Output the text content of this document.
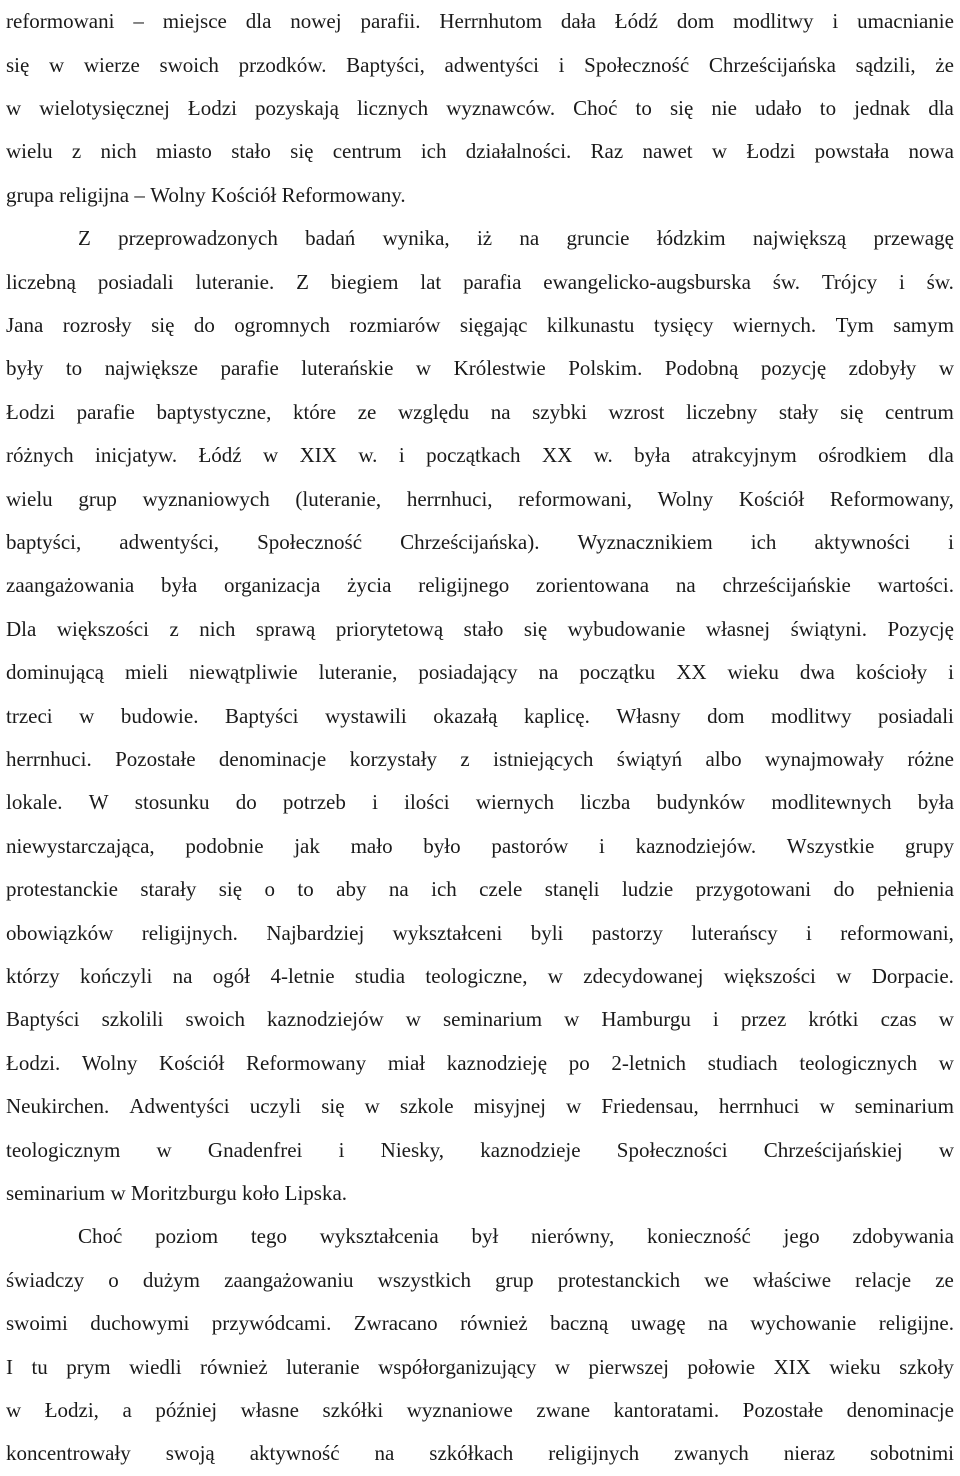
reformowani – miejsce dla nowej parafii. Herrnhutom dała Łódź dom modlitwy i umacnianie
się w wierze swoich przodków. Baptyści, adwentyści i Społeczność Chrześcijańska sądzili, że
w wielotysięcznej Łodzi pozyskają licznych wyznawców. Choć to się nie udało to jednak dla
wielu z nich miasto stało się centrum ich działalności. Raz nawet w Łodzi powstała nowa
grupa religijna – Wolny Kościół Reformowany.
Z przeprowadzonych badań wynika, iż na gruncie łódzkim największą przewagę
liczebną posiadali luteranie. Z biegiem lat parafia ewangelicko-augsburska św. Trójcy i św.
Jana rozrosły się do ogromnych rozmiarów sięgając kilkunastu tysięcy wiernych. Tym samym
były to największe parafie luterańskie w Królestwie Polskim. Podobną pozycję zdobyły w
Łodzi parafie baptystyczne, które ze względu na szybki wzrost liczebny stały się centrum
różnych inicjatyw. Łódź w XIX w. i początkach XX w. była atrakcyjnym ośrodkiem dla
wielu grup wyznaniowych (luteranie, herrnhuci, reformowani, Wolny Kościół Reformowany,
baptyści, adwentyści, Społeczność Chrześcijańska). Wyznacznikiem ich aktywności i
zaangażowania była organizacja życia religijnego zorientowana na chrześcijańskie wartości.
Dla większości z nich sprawą priorytetową stało się wybudowanie własnej świątyni. Pozycję
dominującą mieli niewątpliwie luteranie, posiadający na początku XX wieku dwa kościoły i
trzeci w budowie. Baptyści wystawili okazałą kaplicę. Własny dom modlitwy posiadali
herrnhuci. Pozostałe denominacje korzystały z istniejących świątyń albo wynajmowały różne
lokale. W stosunku do potrzeb i ilości wiernych liczba budynków modlitewnych była
niewystarczająca, podobnie jak mało było pastorów i kaznodziejów. Wszystkie grupy
protestanckie starały się o to aby na ich czele stanęli ludzie przygotowani do pełnienia
obowiązków religijnych. Najbardziej wykształceni byli pastorzy luterańscy i reformowani,
którzy kończyli na ogół 4-letnie studia teologiczne, w zdecydowanej większości w Dorpacie.
Baptyści szkolili swoich kaznodziejów w seminarium w Hamburgu i przez krótki czas w
Łodzi. Wolny Kościół Reformowany miał kaznodzieję po 2-letnich studiach teologicznych w
Neukirchen. Adwentyści uczyli się w szkole misyjnej w Friedensau, herrnhuci w seminarium
teologicznym w Gnadenfrei i Niesky, kaznodzieje Społeczności Chrześcijańskiej w
seminarium w Moritzburgu koło Lipska.
Choć poziom tego wykształcenia był nierówny, konieczność jego zdobywania
świadczy o dużym zaangażowaniu wszystkich grup protestanckich we właściwe relacje ze
swoimi duchowymi przywódcami. Zwracano również baczną uwagę na wychowanie religijne.
I tu prym wiedli również luteranie współorganizujący w pierwszej połowie XIX wieku szkoły
w Łodzi, a później własne szkółki wyznaniowe zwane kantoratami. Pozostałe denominacje
koncentrowały swoją aktywność na szkółkach religijnych zwanych nieraz sobotnimi
